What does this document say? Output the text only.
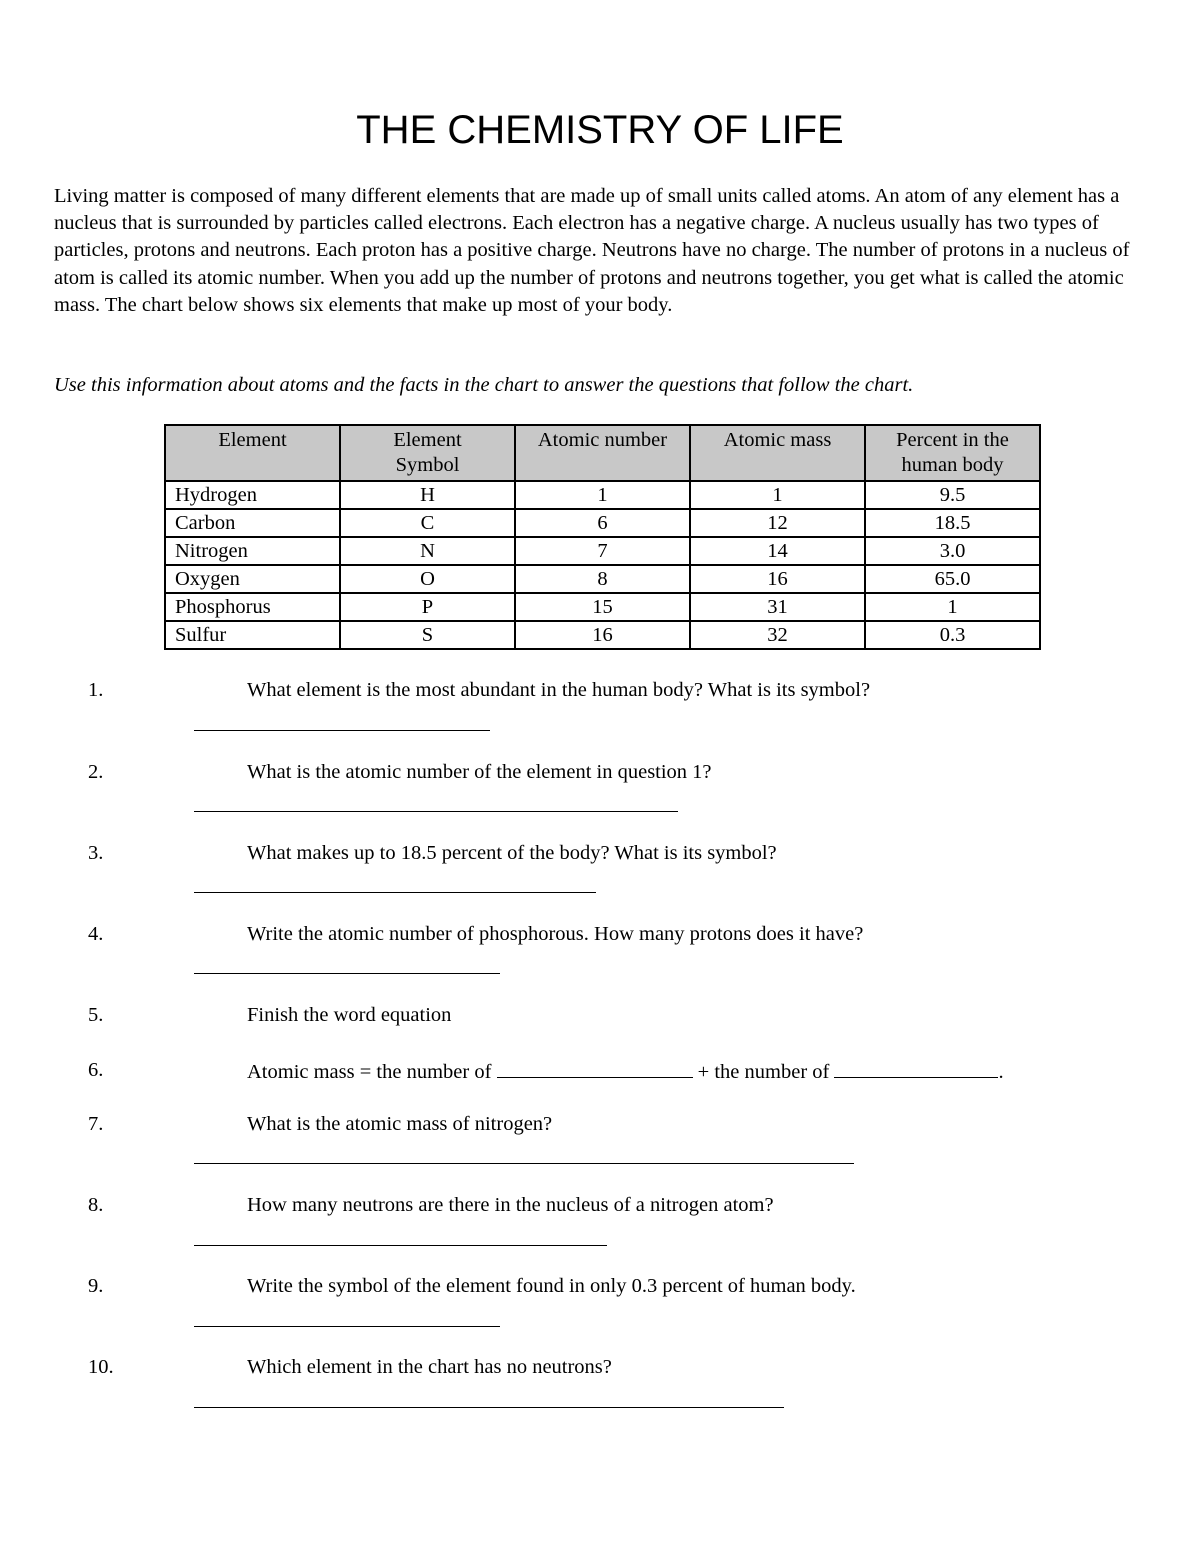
THE CHEMISTRY OF LIFE

Living matter is composed of many different elements that are made up of small units called atoms. An atom of any element has a nucleus that is surrounded by particles called electrons. Each electron has a negative charge. A nucleus usually has two types of particles, protons and neutrons. Each proton has a positive charge. Neutrons have no charge. The number of protons in a nucleus of atom is called its atomic number. When you add up the number of protons and neutrons together, you get what is called the atomic mass. The chart below shows six elements that make up most of your body.

Use this information about atoms and the facts in the chart to answer the questions that follow the chart.
Element	Element Symbol	Atomic number	Atomic mass	Percent in the human body
Hydrogen	H	1	1	9.5
Carbon	C	6	12	18.5
Nitrogen	N	7	14	3.0
Oxygen	O	8	16	65.0
Phosphorus	P	15	31	1
Sulfur	S	16	32	0.3
1.	What element is the most abundant in the human body? What is its symbol?
2.	What is the atomic number of the element in question 1?
3.	What makes up to 18.5 percent of the body? What is its symbol?
4.	Write the atomic number of phosphorous. How many protons does it have?
5.	Finish the word equation
6.	Atomic mass = the number of	+ the number of	.
7.	What is the atomic mass of nitrogen?
8.	How many neutrons are there in the nucleus of a nitrogen atom?
9.	Write the symbol of the element found in only 0.3 percent of human body.
10.	Which element in the chart has no neutrons?
